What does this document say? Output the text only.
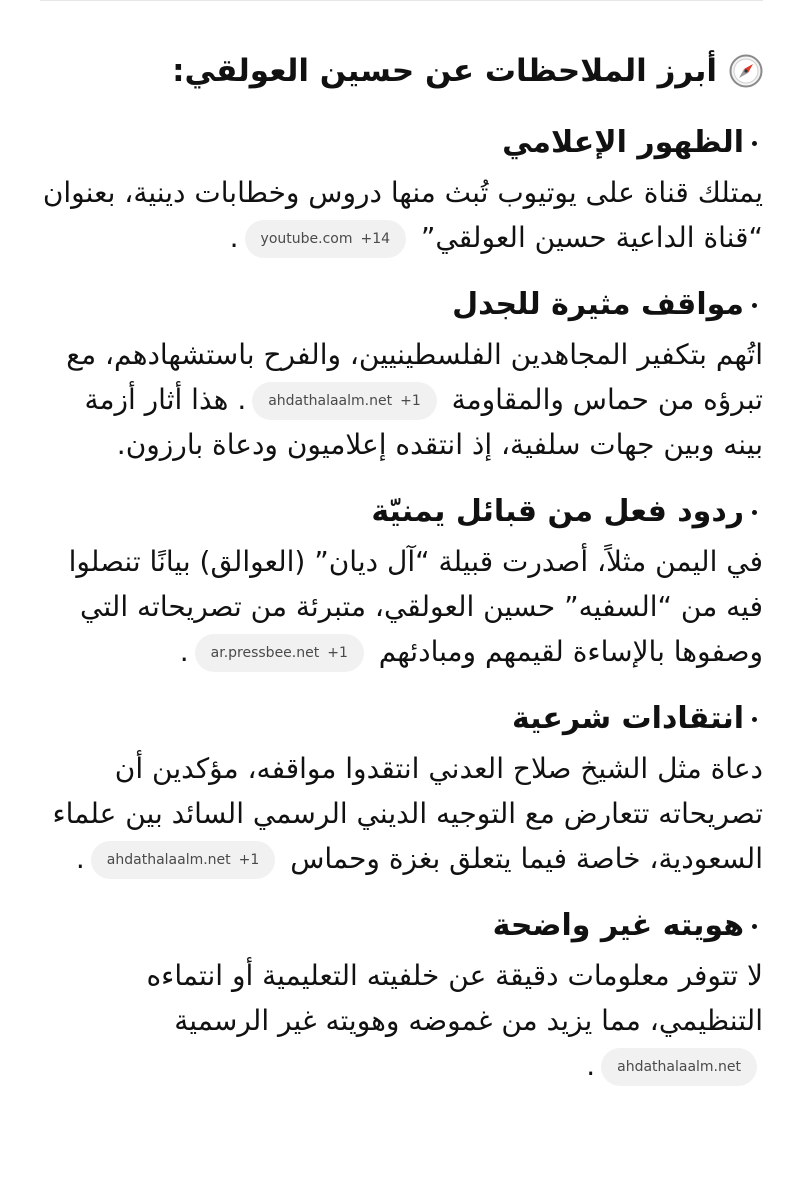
أبرز الملاحظات عن حسين العولقي:
الظهور الإعلامي
يمتلك قناة على يوتيوب تُبث منها دروس وخطابات دينية، بعنوان “قناة الداعية حسين العولقي”
youtube.com +14
.
مواقف مثيرة للجدل
اتُهم بتكفير المجاهدين الفلسطينيين، والفرح باستشهادهم، مع تبرؤه من حماس والمقاومة
ahdathalaalm.net +1
. هذا أثار أزمة بينه وبين جهات سلفية، إذ انتقده إعلاميون ودعاة بارزون.
ردود فعل من قبائل يمنيّة
في اليمن مثلاً، أصدرت قبيلة “آل ديان” (العوالق) بيانًا تنصلوا فيه من “السفيه” حسين العولقي، متبرئة من تصريحاته التي وصفوها بالإساءة لقيمهم ومبادئهم
ar.pressbee.net +1
.
انتقادات شرعية
دعاة مثل الشيخ صلاح العدني انتقدوا مواقفه، مؤكدين أن تصريحاته تتعارض مع التوجيه الديني الرسمي السائد بين علماء السعودية، خاصة فيما يتعلق بغزة وحماس
ahdathalaalm.net +1
.
هويته غير واضحة
لا تتوفر معلومات دقيقة عن خلفيته التعليمية أو انتماءه التنظيمي، مما يزيد من غموضه وهويته غير الرسمية
ahdathalaalm.net
.
